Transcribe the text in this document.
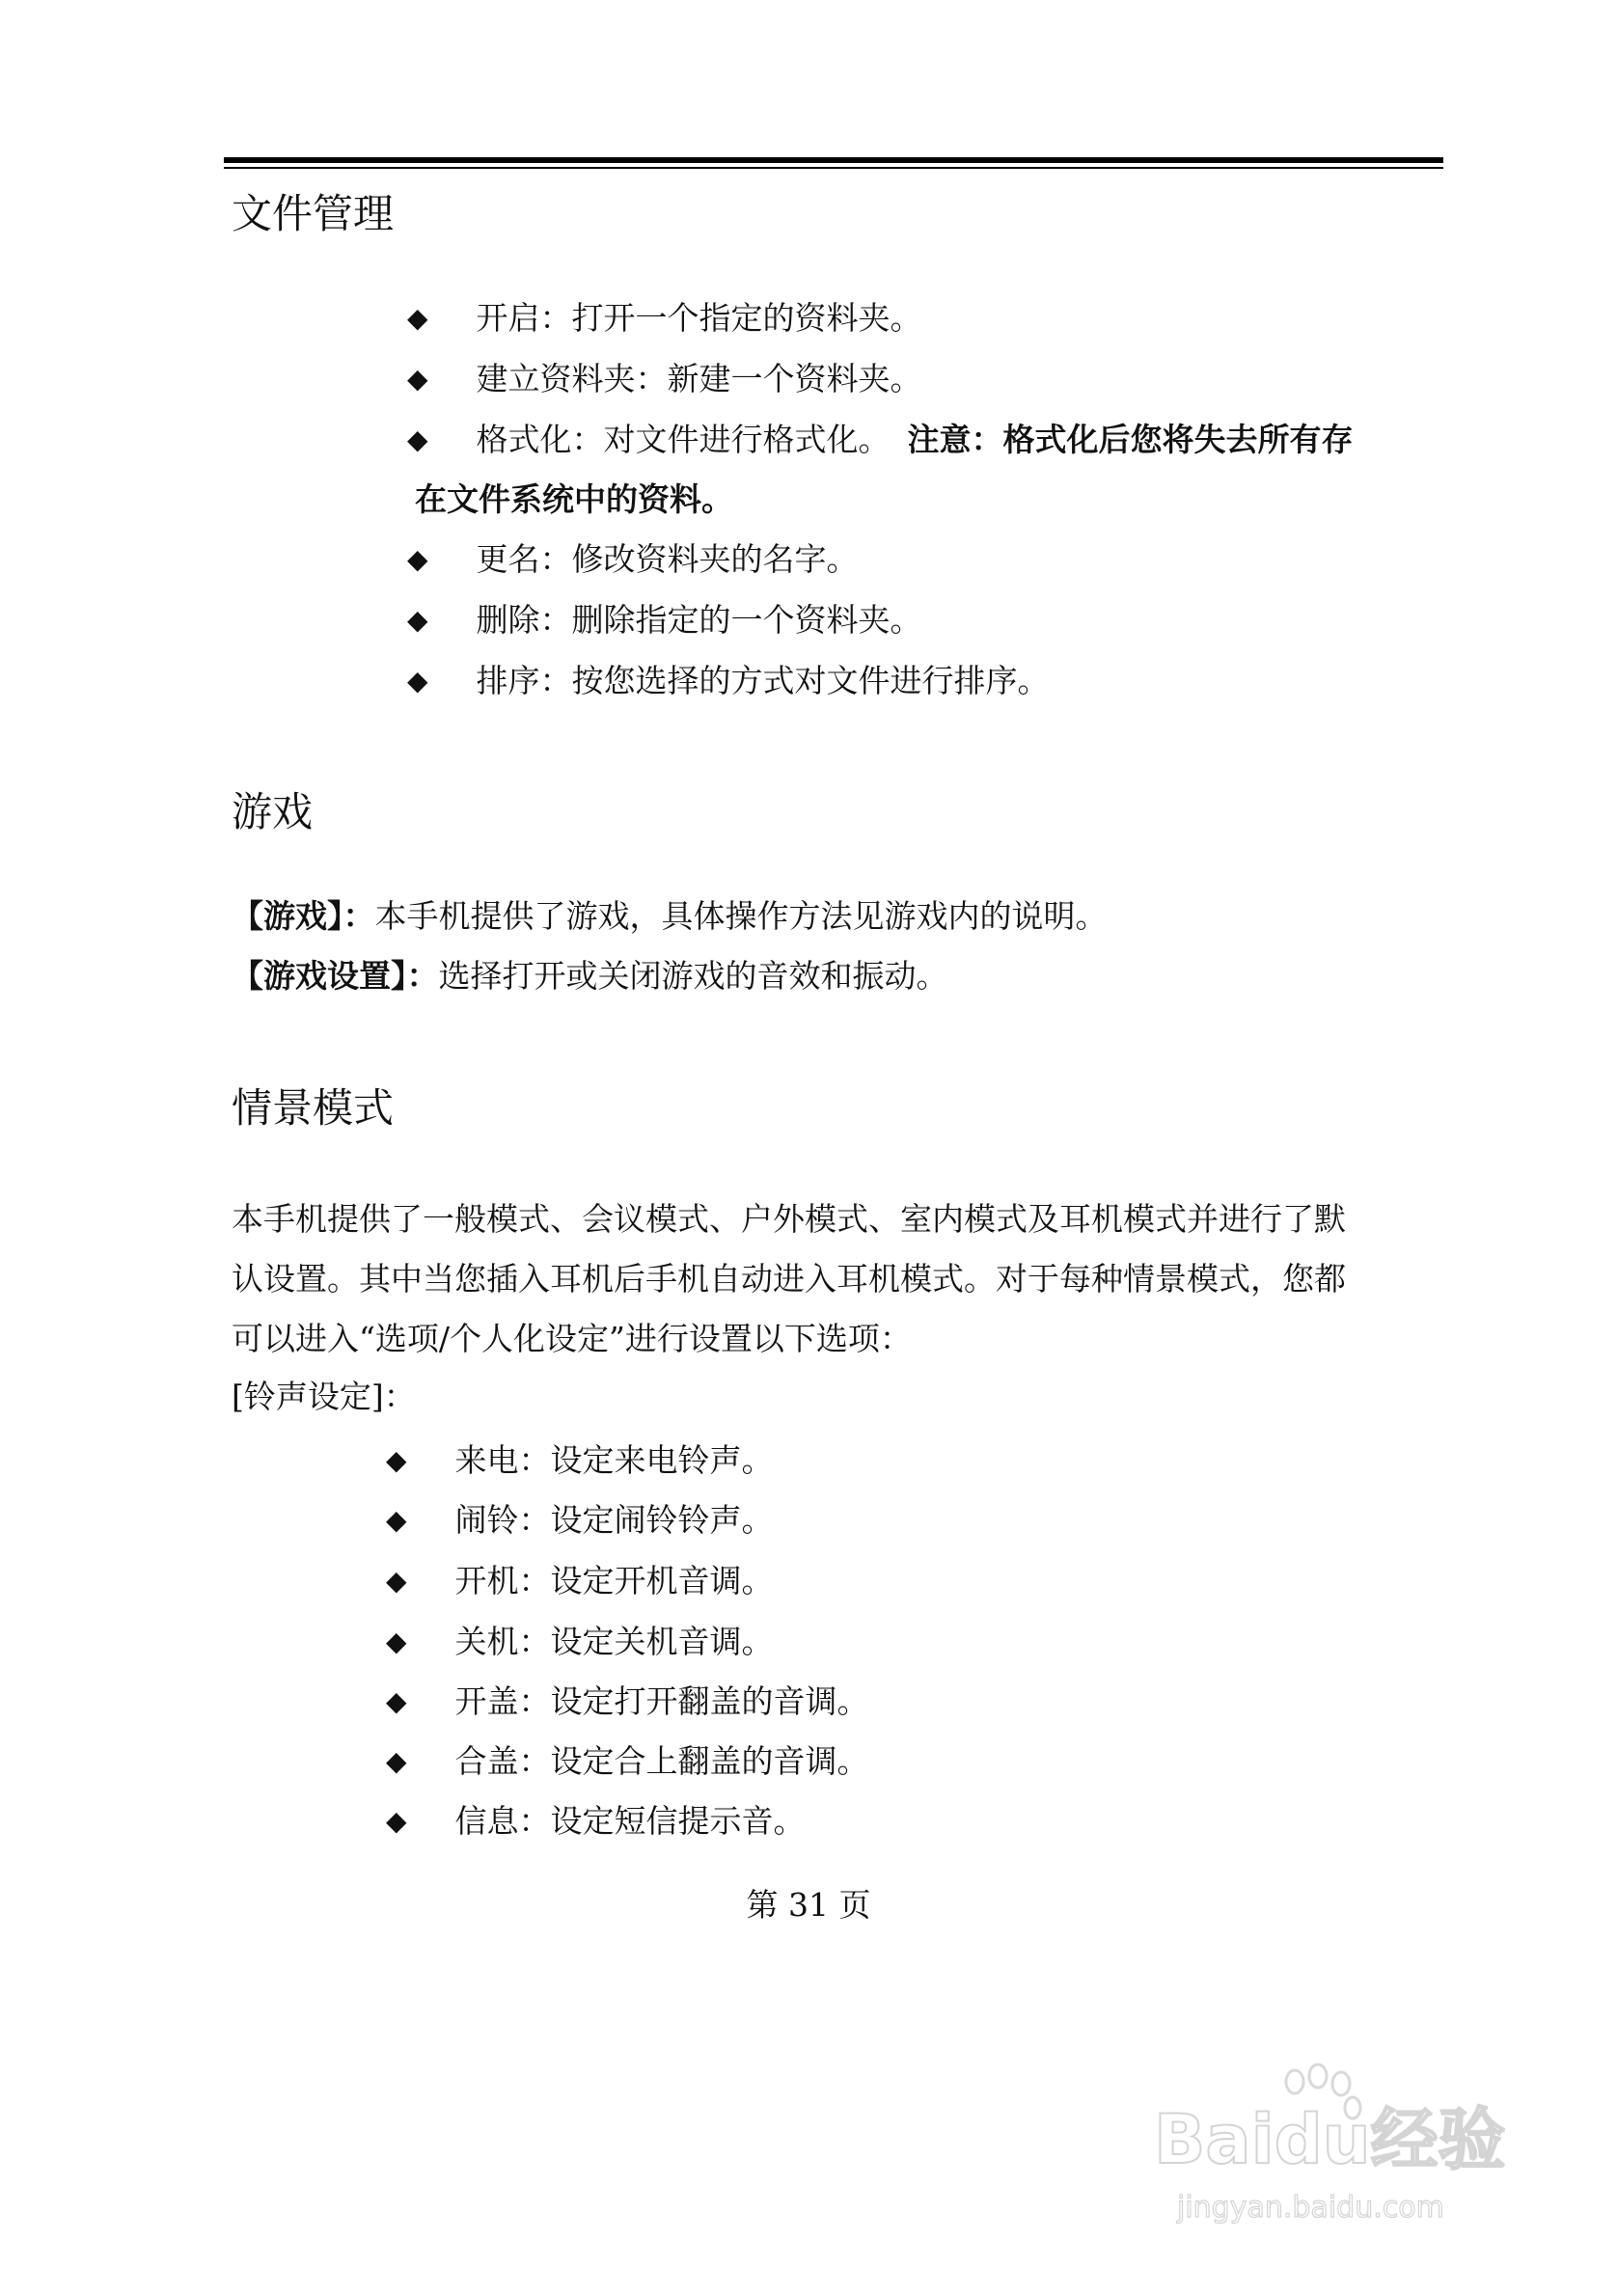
文件管理
◆ 开启：打开一个指定的资料夹。
◆ 建立资料夹：新建一个资料夹。
◆ 格式化：对文件进行格式化。 注意：格式化后您将失去所有存
在文件系统中的资料。
◆ 更名：修改资料夹的名字。
◆ 删除：删除指定的一个资料夹。
◆ 排序：按您选择的方式对文件进行排序。
游戏
【游戏】：本手机提供了游戏，具体操作方法见游戏内的说明。
【游戏设置】：选择打开或关闭游戏的音效和振动。
情景模式
本手机提供了一般模式、会议模式、户外模式、室内模式及耳机模式并进行了默
认设置。其中当您插入耳机后手机自动进入耳机模式。对于每种情景模式，您都
可以进入“选项/个人化设定”进行设置以下选项：
[铃声设定]：
◆ 来电：设定来电铃声。
◆ 闹铃：设定闹铃铃声。
◆ 开机：设定开机音调。
◆ 关机：设定关机音调。
◆ 开盖：设定打开翻盖的音调。
◆ 合盖：设定合上翻盖的音调。
◆ 信息：设定短信提示音。
第 31 页
Baidu经验
jingyan.baidu.com
